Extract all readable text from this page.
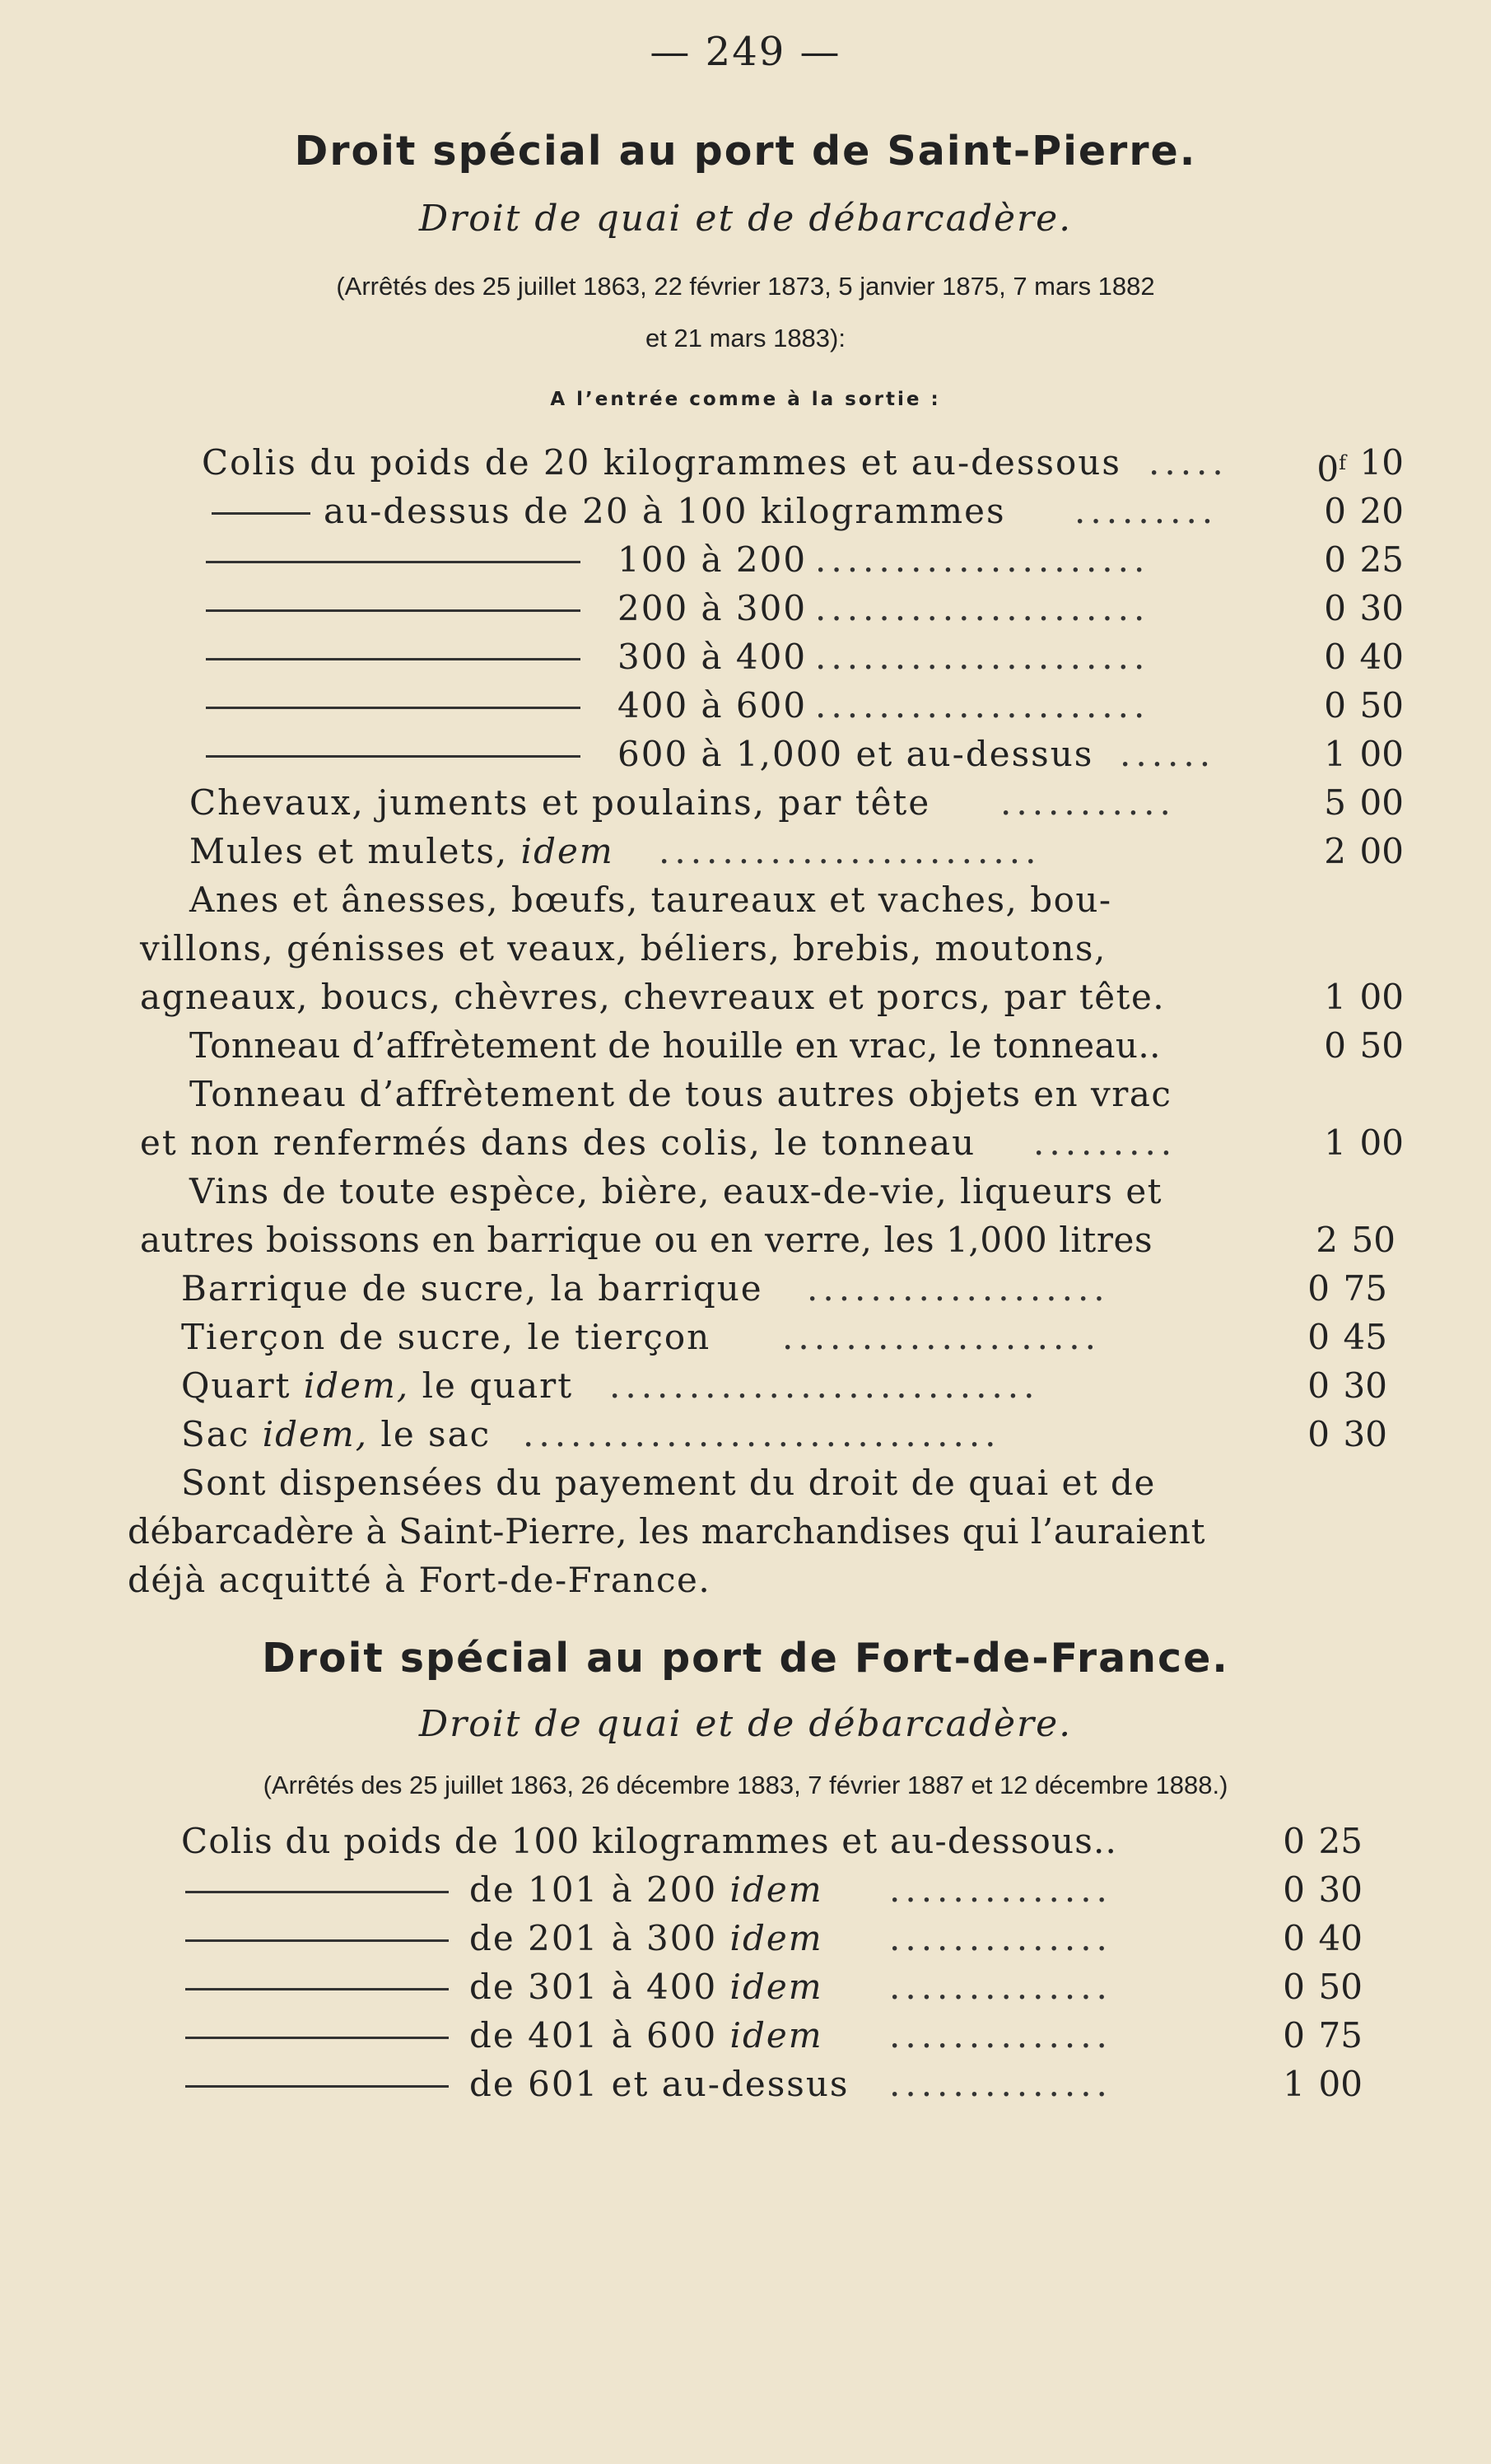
— 249 —
Droit spécial au port de Saint-Pierre.
Droit de quai et de débarcadère.
(Arrêtés des 25 juillet 1863, 22 février 1873, 5 janvier 1875, 7 mars 1882
et 21 mars 1883):
A l’entrée comme à la sortie :
Colis du poids de 20 kilogrammes et au-dessous .....	0$^f$ 10
au-dessus de 20 à 100 kilogrammes .........	0 20
100 à 200 .....................	0 25
200 à 300 .....................	0 30
300 à 400 .....................	0 40
400 à 600 .....................	0 50
600 à 1,000 et au-dessus ......	1 00
Chevaux, juments et poulains, par tête ...........	5 00
Mules et mulets, idem ........................	2 00
Anes et ânesses, bœufs, taureaux et vaches, bou-
villons, génisses et veaux, béliers, brebis, moutons,
agneaux, boucs, chèvres, chevreaux et porcs, par tête.	1 00
Tonneau d’affrètement de houille en vrac, le tonneau..	0 50
Tonneau d’affrètement de tous autres objets en vrac
et non renfermés dans des colis, le tonneau .........	1 00
Vins de toute espèce, bière, eaux-de-vie, liqueurs et
autres boissons en barrique ou en verre, les 1,000 litres	2 50
Barrique de sucre, la barrique ...................	0 75
Tierçon de sucre, le tierçon ....................	0 45
Quart idem, le quart ...........................	0 30
Sac idem, le sac ..............................	0 30
Sont dispensées du payement du droit de quai et de
débarcadère à Saint-Pierre, les marchandises qui l’auraient
déjà acquitté à Fort-de-France.
Droit spécial au port de Fort-de-France.
Droit de quai et de débarcadère.
(Arrêtés des 25 juillet 1863, 26 décembre 1883, 7 février 1887 et 12 décembre 1888.)
Colis du poids de 100 kilogrammes et au-dessous..	0 25
de 101 à 200 idem ..............	0 30
de 201 à 300 idem ..............	0 40
de 301 à 400 idem ..............	0 50
de 401 à 600 idem ..............	0 75
de 601 et au-dessus ..............	1 00
